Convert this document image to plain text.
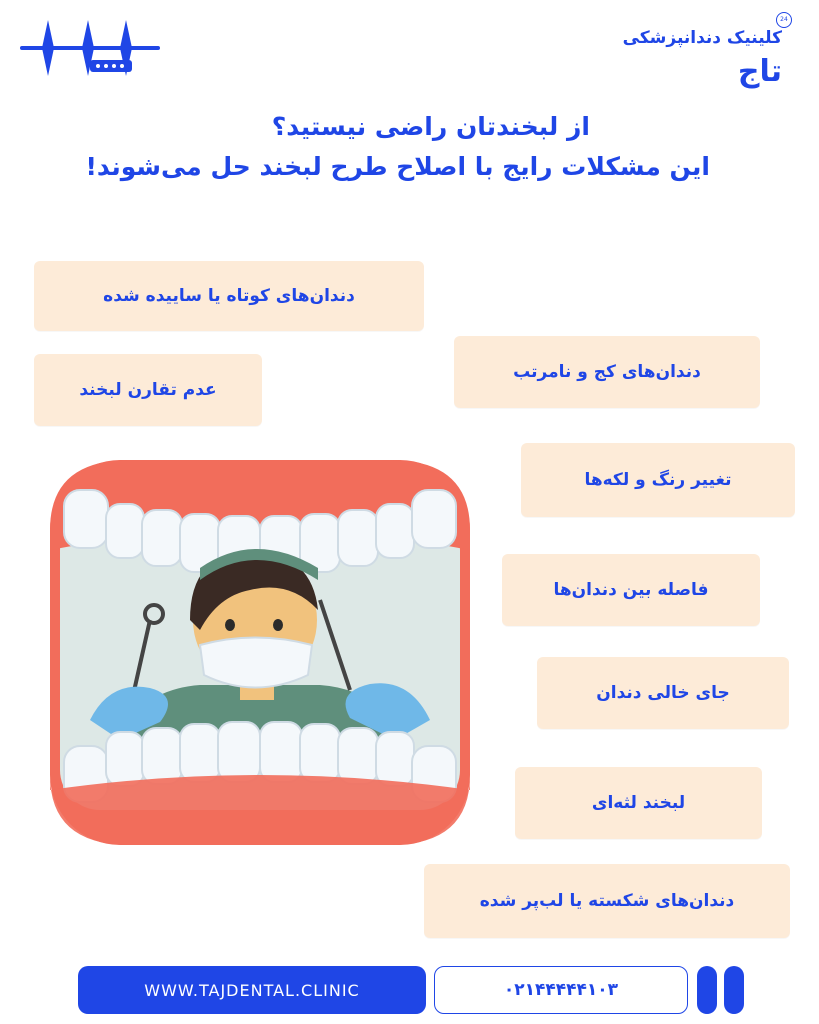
24
کلینیک دندانپزشکی
تاج
از لبخندتان راضی نیستید؟
این مشکلات رایج با اصلاح طرح لبخند حل می‌شوند!
دندان‌های کوتاه یا ساییده شده
عدم تقارن لبخند
دندان‌های کج و نامرتب
تغییر رنگ و لکه‌ها
فاصله بین دندان‌ها
جای خالی دندان
لبخند لثه‌ای
دندان‌های شکسته یا لب‌پر شده
WWW.TAJDENTAL.CLINIC	۰۲۱۴۴۴۴۴۱۰۳
